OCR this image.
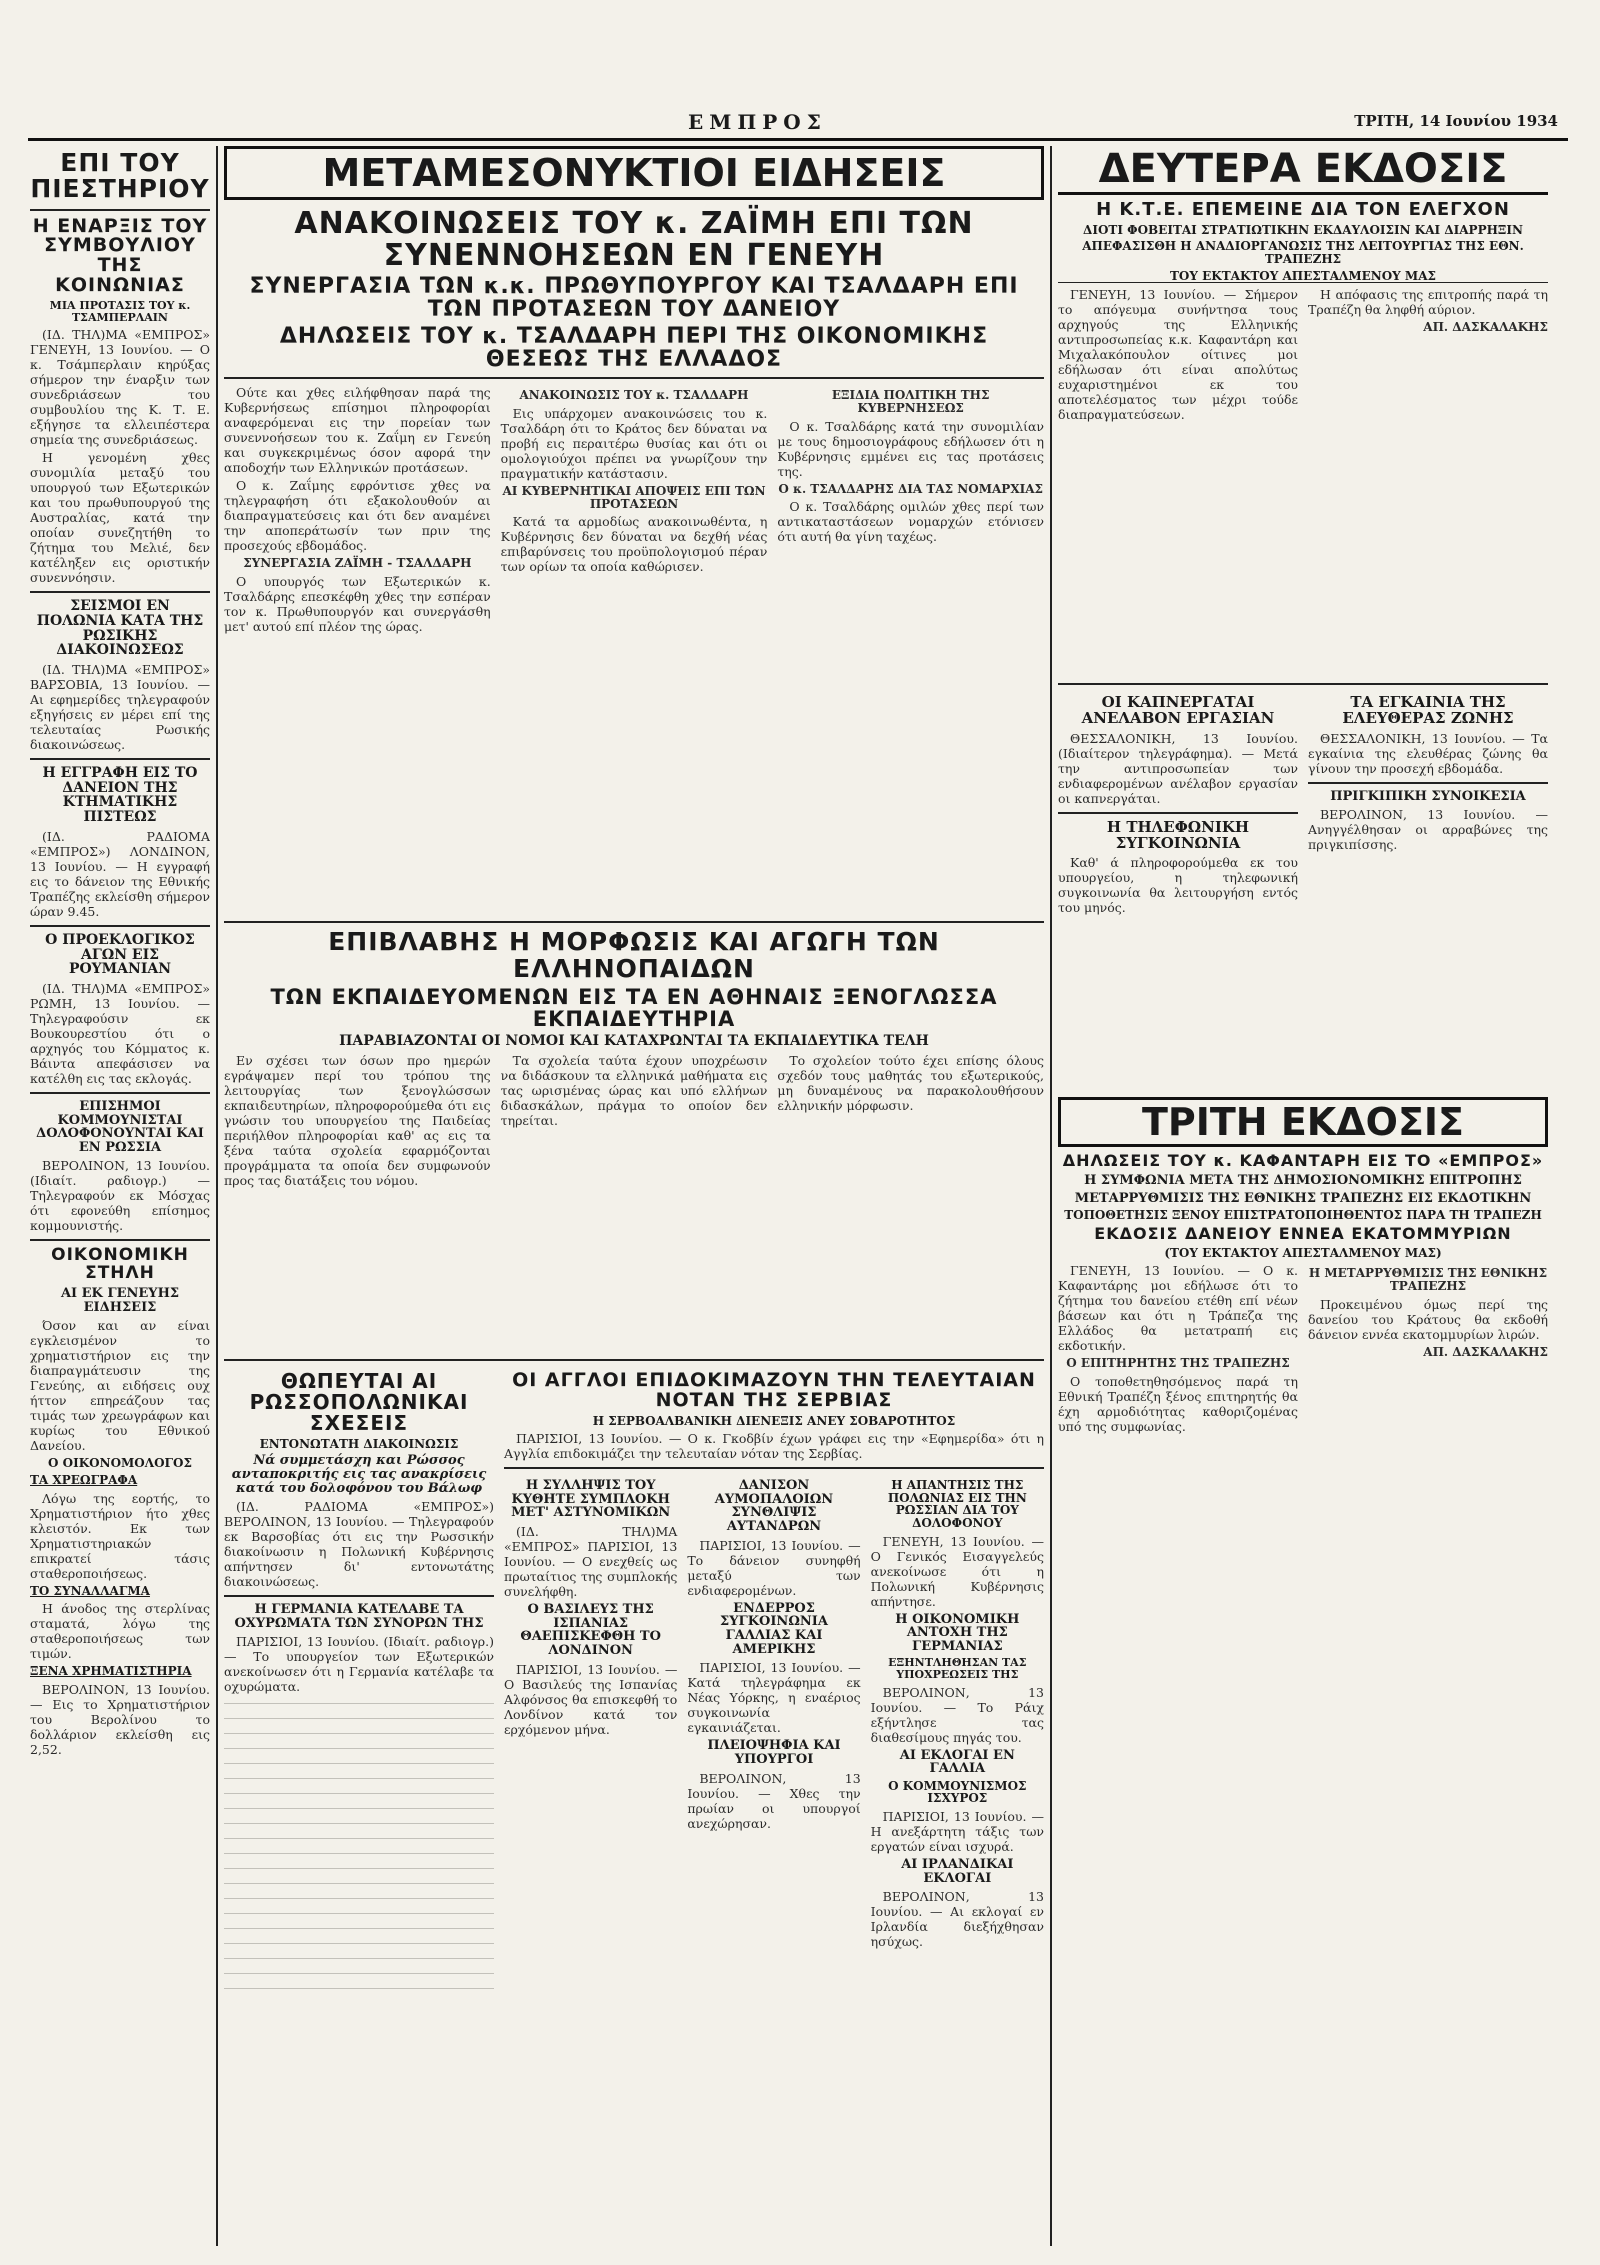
ΕΜΠΡΟΣ	ΤΡΙΤΗ, 14 Ιουνίου 1934
ΕΠΙ ΤΟΥ ΠΙΕΣΤΗΡΙΟΥ
Η ΕΝΑΡΞΙΣ ΤΟΥ ΣΥΜΒΟΥΛΙΟΥ ΤΗΣ ΚΟΙΝΩΝΙΑΣ
ΜΙΑ ΠΡΟΤΑΣΙΣ ΤΟΥ κ. ΤΣΑΜΠΕΡΛΑΙΝ

(ΙΔ. ΤΗΛ)ΜΑ «ΕΜΠΡΟΣ» ΓΕΝΕΥΗ, 13 Ιουνίου. — Ο κ. Τσάμπερλαιν κηρύξας σήμερον την έναρξιν των συνεδριάσεων του συμβουλίου της Κ. Τ. Ε. εξήγησε τα ελλειπέστερα σημεία της συνεδριάσεως.

Η γενομένη χθες συνομιλία μεταξύ του υπουργού των Εξωτερικών και του πρωθυπουργού της Αυστραλίας, κατά την οποίαν συνεζητήθη το ζήτημα του Μελιέ, δεν κατέληξεν εις οριστικήν συνεννόησιν.

ΣΕΙΣΜΟΙ ΕΝ ΠΟΛΩΝΙΑ ΚΑΤΑ ΤΗΣ ΡΩΣΙΚΗΣ ΔΙΑΚΟΙΝΩΣΕΩΣ

(ΙΔ. ΤΗΛ)ΜΑ «ΕΜΠΡΟΣ» ΒΑΡΣΟΒΙΑ, 13 Ιουνίου. — Αι εφημερίδες τηλεγραφούν εξηγήσεις εν μέρει επί της τελευταίας Ρωσικής διακοινώσεως.

Η ΕΓΓΡΑΦΗ ΕΙΣ ΤΟ ΔΑΝΕΙΟΝ ΤΗΣ ΚΤΗΜΑΤΙΚΗΣ ΠΙΣΤΕΩΣ

(ΙΔ. ΡΑΔΙΟΜΑ «ΕΜΠΡΟΣ») ΛΟΝΔΙΝΟΝ, 13 Ιουνίου. — Η εγγραφή εις το δάνειον της Εθνικής Τραπέζης εκλείσθη σήμερον ώραν 9.45.

Ο ΠΡΟΕΚΛΟΓΙΚΟΣ ΑΓΩΝ ΕΙΣ ΡΟΥΜΑΝΙΑΝ

(ΙΔ. ΤΗΛ)ΜΑ «ΕΜΠΡΟΣ» ΡΩΜΗ, 13 Ιουνίου. — Τηλεγραφούσιν εκ Βουκουρεστίου ότι ο αρχηγός του Κόμματος κ. Βάιντα απεφάσισεν να κατέλθη εις τας εκλογάς.

ΕΠΙΣΗΜΟΙ ΚΟΜΜΟΥΝΙΣΤΑΙ ΔΟΛΟΦΟΝΟΥΝΤΑΙ ΚΑΙ ΕΝ ΡΩΣΣΙΑ

ΒΕΡΟΛΙΝΟΝ, 13 Ιουνίου. (Ιδιαίτ. ραδιογρ.) — Τηλεγραφούν εκ Μόσχας ότι εφονεύθη επίσημος κομμουνιστής.

ΟΙΚΟΝΟΜΙΚΗ ΣΤΗΛΗ
ΑΙ ΕΚ ΓΕΝΕΥΗΣ ΕΙΔΗΣΕΙΣ

Όσον και αν είναι εγκλεισμένον το χρηματιστήριον εις την διαπραγμάτευσιν της Γενεύης, αι ειδήσεις ουχ ήττον επηρεάζουν τας τιμάς των χρεωγράφων και κυρίως του Εθνικού Δανείου.

Ο ΟΙΚΟΝΟΜΟΛΟΓΟΣ
ΤΑ ΧΡΕΩΓΡΑΦΑ

Λόγω της εορτής, το Χρηματιστήριον ήτο χθες κλειστόν. Εκ των Χρηματιστηριακών επικρατεί τάσις σταθεροποιήσεως.

ΤΟ ΣΥΝΑΛΛΑΓΜΑ

Η άνοδος της στερλίνας σταματά, λόγω της σταθεροποιήσεως των τιμών.

ΞΕΝΑ ΧΡΗΜΑΤΙΣΤΗΡΙΑ

ΒΕΡΟΛΙΝΟΝ, 13 Ιουνίου. — Εις το Χρηματιστήριον του Βερολίνου το δολλάριον εκλείσθη εις 2,52.

ΜΕΤΑΜΕΣΟΝΥΚΤΙΟΙ ΕΙΔΗΣΕΙΣ
ΑΝΑΚΟΙΝΩΣΕΙΣ ΤΟΥ κ. ΖΑΪΜΗ ΕΠΙ ΤΩΝ ΣΥΝΕΝΝΟΗΣΕΩΝ ΕΝ ΓΕΝΕΥΗ
ΣΥΝΕΡΓΑΣΙΑ ΤΩΝ κ.κ. ΠΡΩΘΥΠΟΥΡΓΟΥ ΚΑΙ ΤΣΑΛΔΑΡΗ ΕΠΙ ΤΩΝ ΠΡΟΤΑΣΕΩΝ ΤΟΥ ΔΑΝΕΙΟΥ
ΔΗΛΩΣΕΙΣ ΤΟΥ κ. ΤΣΑΛΔΑΡΗ ΠΕΡΙ ΤΗΣ ΟΙΚΟΝΟΜΙΚΗΣ ΘΕΣΕΩΣ ΤΗΣ ΕΛΛΑΔΟΣ

Ούτε και χθες ειλήφθησαν παρά της Κυβερνήσεως επίσημοι πληροφορίαι αναφερόμεναι εις την πορείαν των συνεννοήσεων του κ. Ζαΐμη εν Γενεύη και συγκεκριμένως όσον αφορά την αποδοχήν των Ελληνικών προτάσεων.

Ο κ. Ζαΐμης εφρόντισε χθες να τηλεγραφήση ότι εξακολουθούν αι διαπραγματεύσεις και ότι δεν αναμένει την αποπεράτωσίν των πριν της προσεχούς εβδομάδος.

ΣΥΝΕΡΓΑΣΙΑ ΖΑΪΜΗ - ΤΣΑΛΔΑΡΗ

Ο υπουργός των Εξωτερικών κ. Τσαλδάρης επεσκέφθη χθες την εσπέραν τον κ. Πρωθυπουργόν και συνεργάσθη μετ' αυτού επί πλέον της ώρας.

ΑΝΑΚΟΙΝΩΣΙΣ ΤΟΥ κ. ΤΣΑΛΔΑΡΗ

Εις υπάρχομεν ανακοινώσεις του κ. Τσαλδάρη ότι το Κράτος δεν δύναται να προβή εις περαιτέρω θυσίας και ότι οι ομολογιούχοι πρέπει να γνωρίζουν την πραγματικήν κατάστασιν.

ΑΙ ΚΥΒΕΡΝΗΤΙΚΑΙ ΑΠΟΨΕΙΣ ΕΠΙ ΤΩΝ ΠΡΟΤΑΣΕΩΝ

Κατά τα αρμοδίως ανακοινωθέντα, η Κυβέρνησις δεν δύναται να δεχθή νέας επιβαρύνσεις του προϋπολογισμού πέραν των ορίων τα οποία καθώρισεν.

ΕΞΙΔΙΑ ΠΟΛΙΤΙΚΗ ΤΗΣ ΚΥΒΕΡΝΗΣΕΩΣ

Ο κ. Τσαλδάρης κατά την συνομιλίαν με τους δημοσιογράφους εδήλωσεν ότι η Κυβέρνησις εμμένει εις τας προτάσεις της.

Ο κ. ΤΣΑΛΔΑΡΗΣ ΔΙΑ ΤΑΣ ΝΟΜΑΡΧΙΑΣ

Ο κ. Τσαλδάρης ομιλών χθες περί των αντικαταστάσεων νομαρχών ετόνισεν ότι αυτή θα γίνη ταχέως.

ΕΠΙΒΛΑΒΗΣ Η ΜΟΡΦΩΣΙΣ ΚΑΙ ΑΓΩΓΗ ΤΩΝ ΕΛΛΗΝΟΠΑΙΔΩΝ
ΤΩΝ ΕΚΠΑΙΔΕΥΟΜΕΝΩΝ ΕΙΣ ΤΑ ΕΝ ΑΘΗΝΑΙΣ ΞΕΝΟΓΛΩΣΣΑ ΕΚΠΑΙΔΕΥΤΗΡΙΑ
ΠΑΡΑΒΙΑΖΟΝΤΑΙ ΟΙ ΝΟΜΟΙ ΚΑΙ ΚΑΤΑΧΡΩΝΤΑΙ ΤΑ ΕΚΠΑΙΔΕΥΤΙΚΑ ΤΕΛΗ

Εν σχέσει των όσων προ ημερών εγράψαμεν περί του τρόπου της λειτουργίας των ξενογλώσσων εκπαιδευτηρίων, πληροφορούμεθα ότι εις γνώσιν του υπουργείου της Παιδείας περιήλθον πληροφορίαι καθ' ας εις τα ξένα ταύτα σχολεία εφαρμόζονται προγράμματα τα οποία δεν συμφωνούν προς τας διατάξεις του νόμου.

Τα σχολεία ταύτα έχουν υποχρέωσιν να διδάσκουν τα ελληνικά μαθήματα εις τας ωρισμένας ώρας και υπό ελλήνων διδασκάλων, πράγμα το οποίον δεν τηρείται.

Το σχολείον τούτο έχει επίσης όλους σχεδόν τους μαθητάς του εξωτερικούς, μη δυναμένους να παρακολουθήσουν ελληνικήν μόρφωσιν.

ΘΩΠΕΥΤΑΙ ΑΙ ΡΩΣΣΟΠΟΛΩΝΙΚΑΙ ΣΧΕΣΕΙΣ
ΕΝΤΟΝΩΤΑΤΗ ΔΙΑΚΟΙΝΩΣΙΣ
Νά συμμετάσχη και Ρώσσος ανταποκριτής εις τας ανακρίσεις κατά του δολοφόνου του Βάλωφ

(ΙΔ. ΡΑΔΙΟΜΑ «ΕΜΠΡΟΣ») ΒΕΡΟΛΙΝΟΝ, 13 Ιουνίου. — Τηλεγραφούν εκ Βαρσοβίας ότι εις την Ρωσσικήν διακοίνωσιν η Πολωνική Κυβέρνησις απήντησεν δι' εντονωτάτης διακοινώσεως.

Η ΓΕΡΜΑΝΙΑ ΚΑΤΕΛΑΒΕ ΤΑ ΟΧΥΡΩΜΑΤΑ ΤΩΝ ΣΥΝΟΡΩΝ ΤΗΣ

ΠΑΡΙΣΙΟΙ, 13 Ιουνίου. (Ιδιαίτ. ραδιογρ.) — Το υπουργείον των Εξωτερικών ανεκοίνωσεν ότι η Γερμανία κατέλαβε τα οχυρώματα.

ΟΙ ΑΓΓΛΟΙ ΕΠΙΔΟΚΙΜΑΖΟΥΝ ΤΗΝ ΤΕΛΕΥΤΑΙΑΝ ΝΟΤΑΝ ΤΗΣ ΣΕΡΒΙΑΣ
Η ΣΕΡΒΟΑΛΒΑΝΙΚΗ ΔΙΕΝΕΞΙΣ ΑΝΕΥ ΣΟΒΑΡΟΤΗΤΟΣ

ΠΑΡΙΣΙΟΙ, 13 Ιουνίου. — Ο κ. Γκοδβίν έχων γράφει εις την «Εφημερίδα» ότι η Αγγλία επιδοκιμάζει την τελευταίαν νόταν της Σερβίας.

Η ΣΥΛΛΗΨΙΣ ΤΟΥ ΚΥΘΗΤΕ ΣΥΜΠΛΟΚΗ ΜΕΤ' ΑΣΤΥΝΟΜΙΚΩΝ

(ΙΔ. ΤΗΛ)ΜΑ «ΕΜΠΡΟΣ» ΠΑΡΙΣΙΟΙ, 13 Ιουνίου. — Ο ενεχθείς ως πρωταίτιος της συμπλοκής συνελήφθη.

Ο ΒΑΣΙΛΕΥΣ ΤΗΣ ΙΣΠΑΝΙΑΣ ΘΑΕΠΙΣΚΕΦΘΗ ΤΟ ΛΟΝΔΙΝΟΝ

ΠΑΡΙΣΙΟΙ, 13 Ιουνίου. — Ο Βασιλεύς της Ισπανίας Αλφόνσος θα επισκεφθή το Λονδίνον κατά τον ερχόμενον μήνα.

ΔΑΝΙΣΟΝ ΑΥΜΟΠΑΛΟΙΩΝ ΣΥΝΘΛΙΨΙΣ ΑΥΤΑΝΔΡΩΝ

ΠΑΡΙΣΙΟΙ, 13 Ιουνίου. — Το δάνειον συνηφθή μεταξύ των ενδιαφερομένων.

ΕΝΔΕΡΡΟΣ ΣΥΓΚΟΙΝΩΝΙΑ ΓΑΛΛΙΑΣ ΚΑΙ ΑΜΕΡΙΚΗΣ

ΠΑΡΙΣΙΟΙ, 13 Ιουνίου. — Κατά τηλεγράφημα εκ Νέας Υόρκης, η εναέριος συγκοινωνία εγκαινιάζεται.

ΠΛΕΙΟΨΗΦΙΑ ΚΑΙ ΥΠΟΥΡΓΟΙ

ΒΕΡΟΛΙΝΟΝ, 13 Ιουνίου. — Χθες την πρωίαν οι υπουργοί ανεχώρησαν.

Η ΑΠΑΝΤΗΣΙΣ ΤΗΣ ΠΟΛΩΝΙΑΣ ΕΙΣ ΤΗΝ ΡΩΣΣΙΑΝ ΔΙΑ ΤΟΥ ΔΟΛΟΦΟΝΟΥ

ΓΕΝΕΥΗ, 13 Ιουνίου. — Ο Γενικός Εισαγγελεύς ανεκοίνωσε ότι η Πολωνική Κυβέρνησις απήντησε.

Η ΟΙΚΟΝΟΜΙΚΗ ΑΝΤΟΧΗ ΤΗΣ ΓΕΡΜΑΝΙΑΣ
ΕΞΗΝΤΛΗΘΗΣΑΝ ΤΑΣ ΥΠΟΧΡΕΩΣΕΙΣ ΤΗΣ

ΒΕΡΟΛΙΝΟΝ, 13 Ιουνίου. — Το Ράιχ εξήντλησε τας διαθεσίμους πηγάς του.

ΑΙ ΕΚΛΟΓΑΙ ΕΝ ΓΑΛΛΙΑ
Ο ΚΟΜΜΟΥΝΙΣΜΟΣ ΙΣΧΥΡΟΣ

ΠΑΡΙΣΙΟΙ, 13 Ιουνίου. — Η ανεξάρτητη τάξις των εργατών είναι ισχυρά.

ΑΙ ΙΡΛΑΝΔΙΚΑΙ ΕΚΛΟΓΑΙ

ΒΕΡΟΛΙΝΟΝ, 13 Ιουνίου. — Αι εκλογαί εν Ιρλανδία διεξήχθησαν ησύχως.

ΔΕΥΤΕΡΑ ΕΚΔΟΣΙΣ
Η Κ.Τ.Ε. ΕΠΕΜΕΙΝΕ ΔΙΑ ΤΟΝ ΕΛΕΓΧΟΝ
ΔΙΟΤΙ ΦΟΒΕΙΤΑΙ ΣΤΡΑΤΙΩΤΙΚΗΝ ΕΚΔΑΥΛΟΙΣΙΝ ΚΑΙ ΔΙΑΡΡΗΞΙΝ
ΑΠΕΦΑΣΙΣΘΗ Η ΑΝΑΔΙΟΡΓΑΝΩΣΙΣ ΤΗΣ ΛΕΙΤΟΥΡΓΙΑΣ ΤΗΣ ΕΘΝ. ΤΡΑΠΕΖΗΣ
ΤΟΥ ΕΚΤΑΚΤΟΥ ΑΠΕΣΤΑΛΜΕΝΟΥ ΜΑΣ

ΓΕΝΕΥΗ, 13 Ιουνίου. — Σήμερον το απόγευμα συνήντησα τους αρχηγούς της Ελληνικής αντιπροσωπείας κ.κ. Καφαντάρη και Μιχαλακόπουλον οίτινες μοι εδήλωσαν ότι είναι απολύτως ευχαριστημένοι εκ του αποτελέσματος των μέχρι τούδε διαπραγματεύσεων.

Η απόφασις της επιτροπής παρά τη Τραπέζη θα ληφθή αύριον.

ΑΠ. ΔΑΣΚΑΛΑΚΗΣ
ΟΙ ΚΑΠΝΕΡΓΑΤΑΙ ΑΝΕΛΑΒΟΝ ΕΡΓΑΣΙΑΝ

ΘΕΣΣΑΛΟΝΙΚΗ, 13 Ιουνίου. (Ιδιαίτερον τηλεγράφημα). — Μετά την αντιπροσωπείαν των ενδιαφερομένων ανέλαβον εργασίαν οι καπνεργάται.

Η ΤΗΛΕΦΩΝΙΚΗ ΣΥΓΚΟΙΝΩΝΙΑ

Καθ' ά πληροφορούμεθα εκ του υπουργείου, η τηλεφωνική συγκοινωνία θα λειτουργήση εντός του μηνός.

ΤΑ ΕΓΚΑΙΝΙΑ ΤΗΣ ΕΛΕΥΘΕΡΑΣ ΖΩΝΗΣ

ΘΕΣΣΑΛΟΝΙΚΗ, 13 Ιουνίου. — Τα εγκαίνια της ελευθέρας ζώνης θα γίνουν την προσεχή εβδομάδα.

ΠΡΙΓΚΙΠΙΚΗ ΣΥΝΟΙΚΕΣΙΑ

ΒΕΡΟΛΙΝΟΝ, 13 Ιουνίου. — Ανηγγέλθησαν οι αρραβώνες της πριγκιπίσσης.

ΤΡΙΤΗ ΕΚΔΟΣΙΣ
ΔΗΛΩΣΕΙΣ ΤΟΥ κ. ΚΑΦΑΝΤΑΡΗ ΕΙΣ ΤΟ «ΕΜΠΡΟΣ»
Η ΣΥΜΦΩΝΙΑ ΜΕΤΑ ΤΗΣ ΔΗΜΟΣΙΟΝΟΜΙΚΗΣ ΕΠΙΤΡΟΠΗΣ
ΜΕΤΑΡΡΥΘΜΙΣΙΣ ΤΗΣ ΕΘΝΙΚΗΣ ΤΡΑΠΕΖΗΣ ΕΙΣ ΕΚΔΟΤΙΚΗΝ
ΤΟΠΟΘΕΤΗΣΙΣ ΞΕΝΟΥ ΕΠΙΣΤΡΑΤΟΠΟΙΗΘΕΝΤΟΣ ΠΑΡΑ ΤΗ ΤΡΑΠΕΖΗ
ΕΚΔΟΣΙΣ ΔΑΝΕΙΟΥ ΕΝΝΕΑ ΕΚΑΤΟΜΜΥΡΙΩΝ
(ΤΟΥ ΕΚΤΑΚΤΟΥ ΑΠΕΣΤΑΛΜΕΝΟΥ ΜΑΣ)

ΓΕΝΕΥΗ, 13 Ιουνίου. — Ο κ. Καφαντάρης μοι εδήλωσε ότι το ζήτημα του δανείου ετέθη επί νέων βάσεων και ότι η Τράπεζα της Ελλάδος θα μετατραπή εις εκδοτικήν.

Ο ΕΠΙΤΗΡΗΤΗΣ ΤΗΣ ΤΡΑΠΕΖΗΣ

Ο τοποθετηθησόμενος παρά τη Εθνική Τραπέζη ξένος επιτηρητής θα έχη αρμοδιότητας καθοριζομένας υπό της συμφωνίας.

Η ΜΕΤΑΡΡΥΘΜΙΣΙΣ ΤΗΣ ΕΘΝΙΚΗΣ ΤΡΑΠΕΖΗΣ

Προκειμένου όμως περί της δανείου του Κράτους θα εκδοθή δάνειον εννέα εκατομμυρίων λιρών.

ΑΠ. ΔΑΣΚΑΛΑΚΗΣ
